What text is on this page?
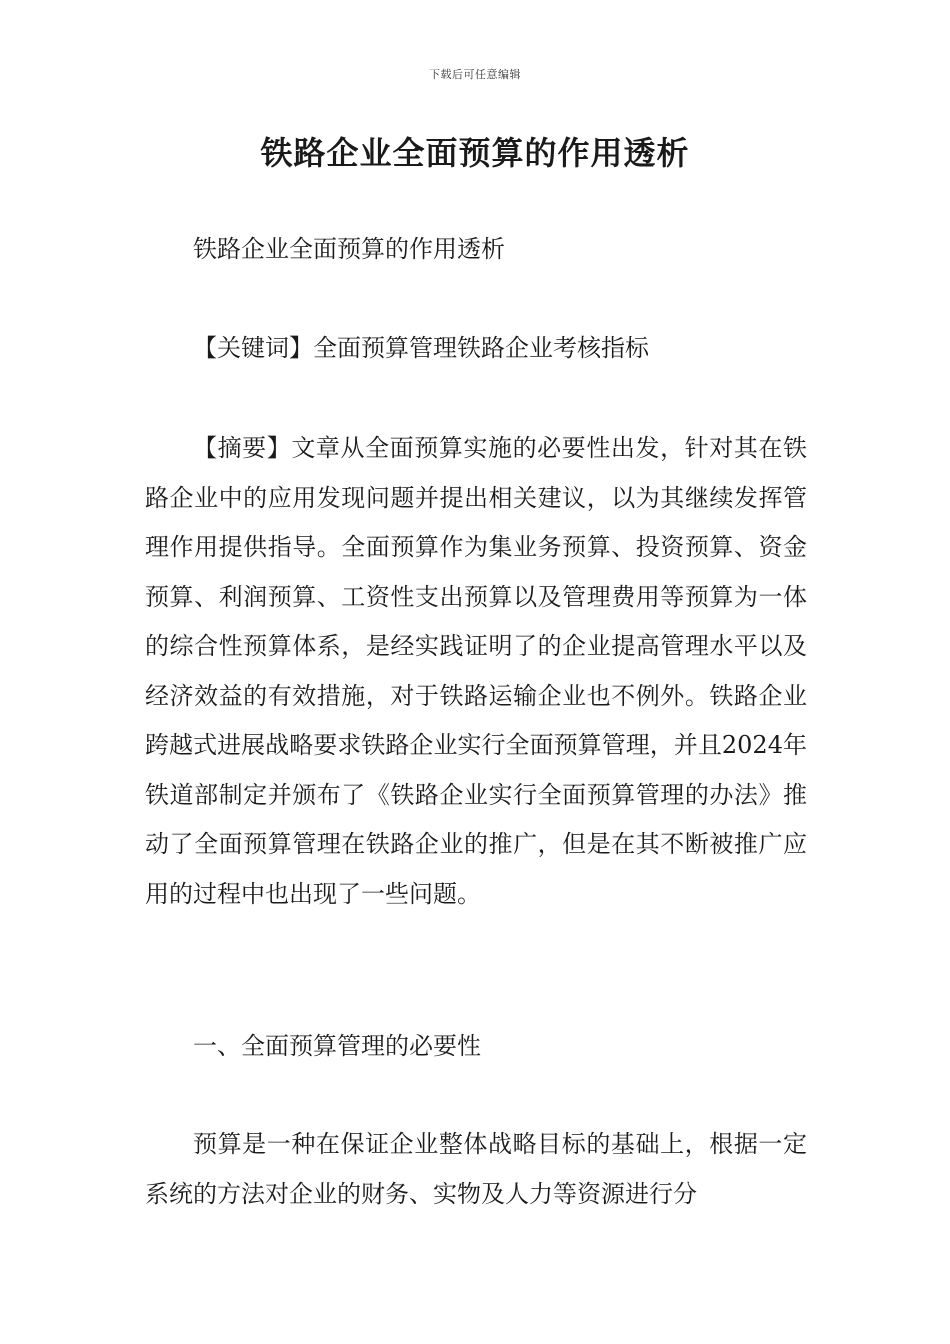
下载后可任意编辑
铁路企业全面预算的作用透析

铁路企业全面预算的作用透析

【关键词】全面预算管理铁路企业考核指标

【摘要】文章从全面预算实施的必要性出发，针对其在铁路企业中的应用发现问题并提出相关建议，以为其继续发挥管理作用提供指导。全面预算作为集业务预算、投资预算、资金预算、利润预算、工资性支出预算以及管理费用等预算为一体的综合性预算体系，是经实践证明了的企业提高管理水平以及经济效益的有效措施，对于铁路运输企业也不例外。铁路企业跨越式进展战略要求铁路企业实行全面预算管理，并且2024年铁道部制定并颁布了《铁路企业实行全面预算管理的办法》推动了全面预算管理在铁路企业的推广，但是在其不断被推广应用的过程中也出现了一些问题。

一、全面预算管理的必要性

预算是一种在保证企业整体战略目标的基础上，根据一定系统的方法对企业的财务、实物及人力等资源进行分
